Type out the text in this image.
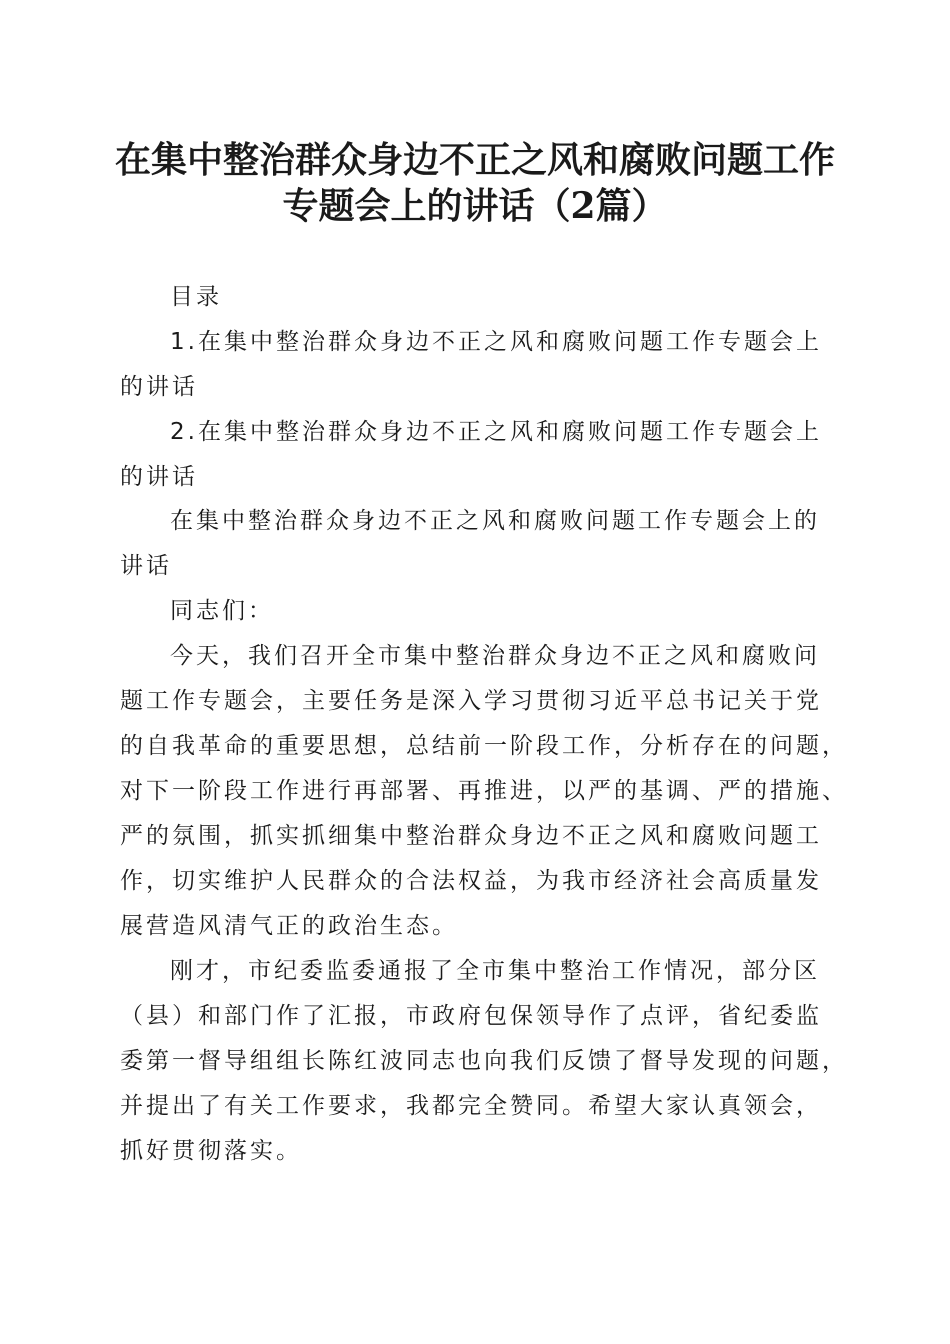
在集中整治群众身边不正之风和腐败问题工作
专题会上的讲话（2篇）

目录

1.在集中整治群众身边不正之风和腐败问题工作专题会上

的讲话

2.在集中整治群众身边不正之风和腐败问题工作专题会上

的讲话

在集中整治群众身边不正之风和腐败问题工作专题会上的

讲话

同志们：

今天，我们召开全市集中整治群众身边不正之风和腐败问

题工作专题会，主要任务是深入学习贯彻习近平总书记关于党

的自我革命的重要思想，总结前一阶段工作，分析存在的问题，

对下一阶段工作进行再部署、再推进，以严的基调、严的措施、

严的氛围，抓实抓细集中整治群众身边不正之风和腐败问题工

作，切实维护人民群众的合法权益，为我市经济社会高质量发

展营造风清气正的政治生态。

刚才，市纪委监委通报了全市集中整治工作情况，部分区

（县）和部门作了汇报，市政府包保领导作了点评，省纪委监

委第一督导组组长陈红波同志也向我们反馈了督导发现的问题，

并提出了有关工作要求，我都完全赞同。希望大家认真领会，

抓好贯彻落实。
